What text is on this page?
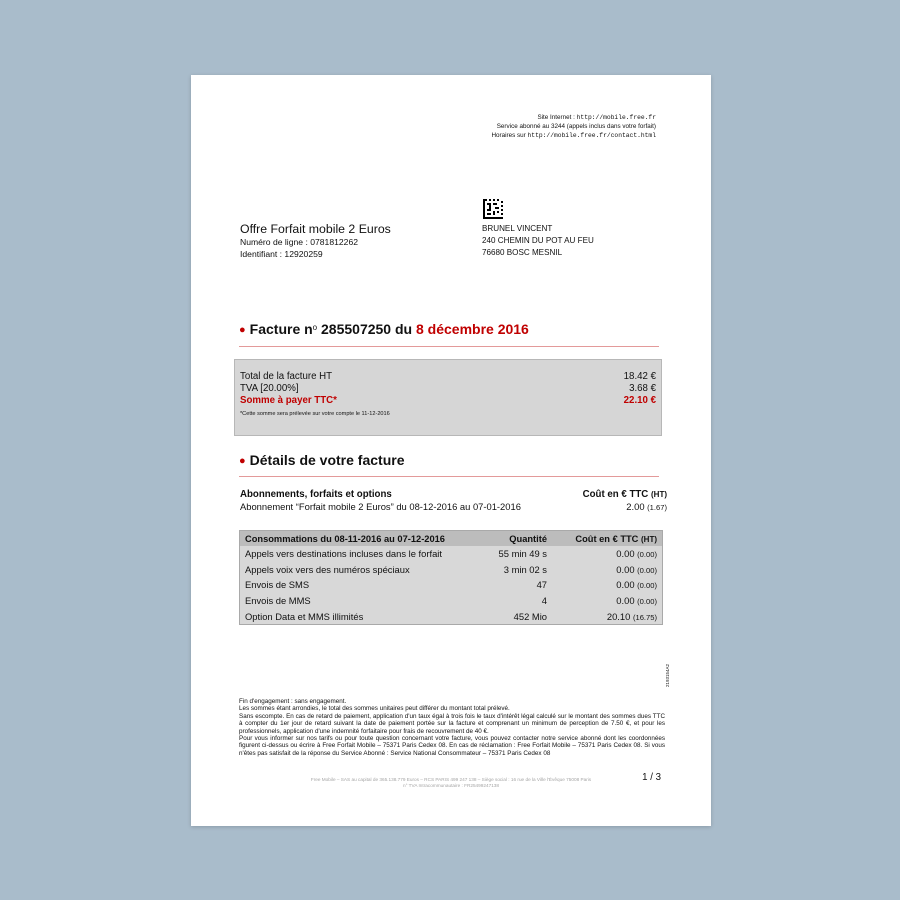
Site Internet : http://mobile.free.fr
Service abonné au 3244 (appels inclus dans votre forfait)
Horaires sur http://mobile.free.fr/contact.html
Offre Forfait mobile 2 Euros
Numéro de ligne : 0781812262
Identifiant : 12920259
BRUNEL VINCENT
240 CHEMIN DU POT AU FEU
76680 BOSC MESNIL
● Facture $n^o$ 285507250 du 8 décembre 2016
Total de la facture HT	18.42 €
TVA [20.00%]	3.68 €
Somme à payer TTC*	22.10 €
*Cette somme sera prélevée sur votre compte le 11-12-2016
● Détails de votre facture
Abonnements, forfaits et options	Coût en € TTC (HT)
Abonnement “Forfait mobile 2 Euros” du 08-12-2016 au 07-01-2016	2.00 (1.67)
Consommations du 08-11-2016 au 07-12-2016	Quantité	Coût en € TTC (HT)
Appels vers destinations incluses dans le forfait	55 min 49 s	0.00 (0.00)
Appels voix vers des numéros spéciaux	3 min 02 s	0.00 (0.00)
Envois de SMS	47	0.00 (0.00)
Envois de MMS	4	0.00 (0.00)
Option Data et MMS illimités	452 Mio	20.10 (16.75)
2193154A2

Fin d'engagement : sans engagement.

Les sommes étant arrondies, le total des sommes unitaires peut différer du montant total prélevé.

Sans escompte. En cas de retard de paiement, application d'un taux égal à trois fois le taux d'intérêt légal calculé sur le montant des sommes dues TTC à compter du 1er jour de retard suivant la date de paiement portée sur la facture et comprenant un minimum de perception de 7.50 €, et pour les professionnels, application d'une indemnité forfaitaire pour frais de recouvrement de 40 €.

Pour vous informer sur nos tarifs ou pour toute question concernant votre facture, vous pouvez contacter notre service abonné dont les coordonnées figurent ci-dessus ou écrire à Free Forfait Mobile – 75371 Paris Cedex 08. En cas de réclamation : Free Forfait Mobile – 75371 Paris Cedex 08. Si vous n'êtes pas satisfait de la réponse du Service Abonné : Service National Consommateur – 75371 Paris Cedex 08

Free Mobile – SAS au capital de 365.138.779 Euros – RCS PARIS 499 247 138 – Siège social : 16 rue de la Ville l'Évêque 75008 Paris
n° TVA Intracommunautaire : FR25499247138
1 / 3
